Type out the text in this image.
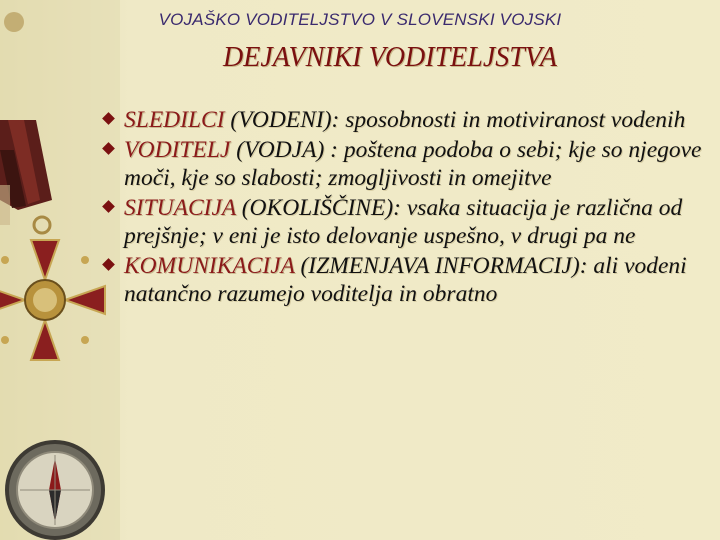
VOJAŠKO VODITELJSTVO V SLOVENSKI VOJSKI
DEJAVNIKI VODITELJSTVA
SLEDILCI (VODENI): sposobnosti in motiviranost vodenih
VODITELJ (VODJA) : poštena podoba o sebi; kje so njegove moči, kje so slabosti; zmogljivosti in omejitve
SITUACIJA (OKOLIŠČINE): vsaka situacija je različna od prejšnje; v eni je isto delovanje uspešno, v drugi pa ne
KOMUNIKACIJA (IZMENJAVA INFORMACIJ): ali vodeni natančno razumejo voditelja in obratno
